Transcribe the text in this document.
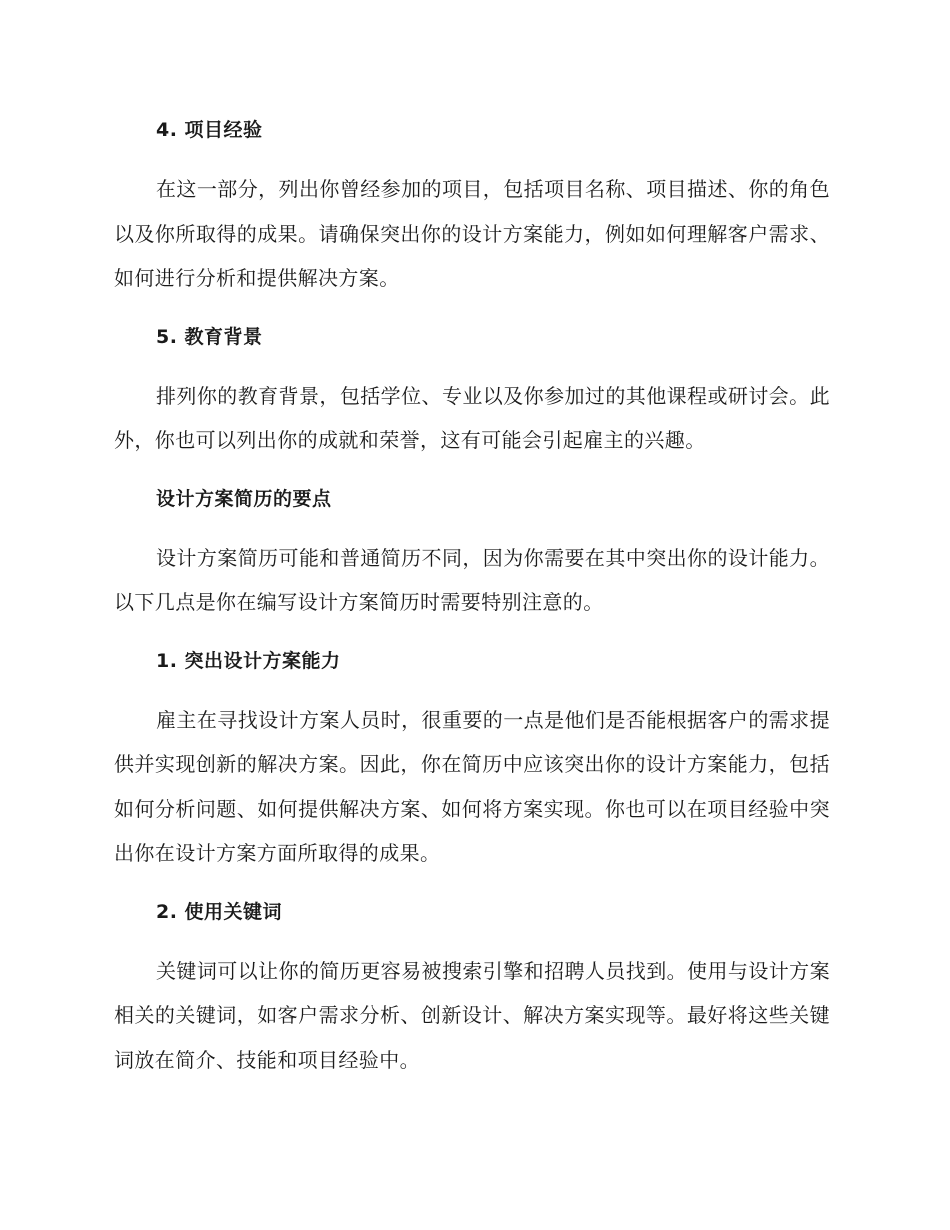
4. 项目经验

在这一部分，列出你曾经参加的项目，包括项目名称、项目描述、你的角色以及你所取得的成果。请确保突出你的设计方案能力，例如如何理解客户需求、如何进行分析和提供解决方案。

5. 教育背景

排列你的教育背景，包括学位、专业以及你参加过的其他课程或研讨会。此外，你也可以列出你的成就和荣誉，这有可能会引起雇主的兴趣。

设计方案简历的要点

设计方案简历可能和普通简历不同，因为你需要在其中突出你的设计能力。以下几点是你在编写设计方案简历时需要特别注意的。

1. 突出设计方案能力

雇主在寻找设计方案人员时，很重要的一点是他们是否能根据客户的需求提供并实现创新的解决方案。因此，你在简历中应该突出你的设计方案能力，包括如何分析问题、如何提供解决方案、如何将方案实现。你也可以在项目经验中突出你在设计方案方面所取得的成果。

2. 使用关键词

关键词可以让你的简历更容易被搜索引擎和招聘人员找到。使用与设计方案相关的关键词，如客户需求分析、创新设计、解决方案实现等。最好将这些关键词放在简介、技能和项目经验中。
